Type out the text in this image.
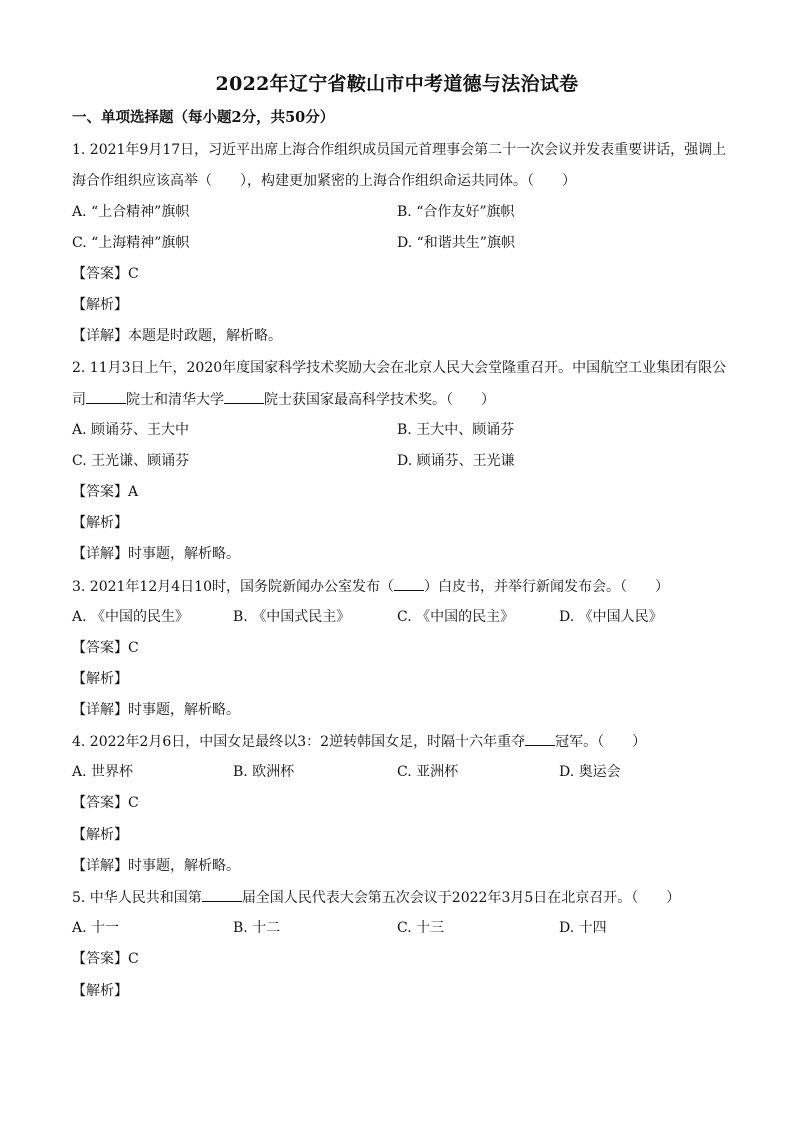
2022年辽宁省鞍山市中考道德与法治试卷
一、单项选择题（每小题2分，共50分）
1. 2021年9月17日，习近平出席上海合作组织成员国元首理事会第二十一次会议并发表重要讲话，强调上
海合作组织应该高举（　　），构建更加紧密的上海合作组织命运共同体。（　　）
A. “上合精神”旗帜	B. “合作友好”旗帜
C. “上海精神”旗帜	D. “和谐共生”旗帜
【答案】C
【解析】
【详解】本题是时政题，解析略。
2. 11月3日上午，2020年度国家科学技术奖励大会在北京人民大会堂隆重召开。中国航空工业集团有限公
司	院士和清华大学	院士获国家最高科学技术奖。（　　）
A. 顾诵芬、王大中	B. 王大中、顾诵芬
C. 王光谦、顾诵芬	D. 顾诵芬、王光谦
【答案】A
【解析】
【详解】时事题，解析略。
3. 2021年12月4日10时，国务院新闻办公室发布（ ）白皮书，并举行新闻发布会。（　　）
A. 《中国的民生》	B. 《中国式民主》	C. 《中国的民主》	D. 《中国人民》
【答案】C
【解析】
【详解】时事题，解析略。
4. 2022年2月6日，中国女足最终以3：2逆转韩国女足，时隔十六年重夺 冠军。（　　）
A. 世界杯	B. 欧洲杯	C. 亚洲杯	D. 奥运会
【答案】C
【解析】
【详解】时事题，解析略。
5. 中华人民共和国第	届全国人民代表大会第五次会议于2022年3月5日在北京召开。（　　）
A. 十一	B. 十二	C. 十三	D. 十四
【答案】C
【解析】
